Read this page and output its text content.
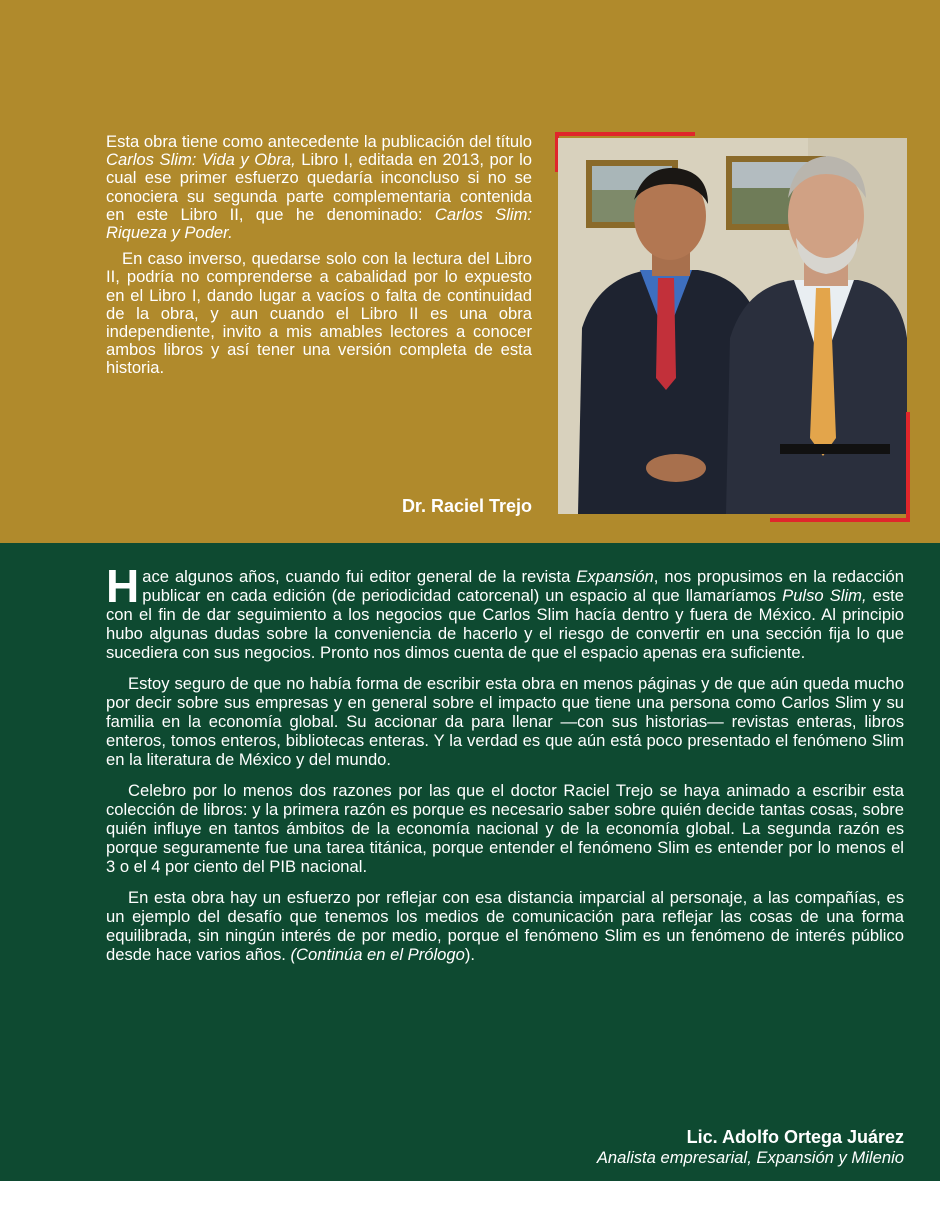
Esta obra tiene como antecedente la publicación del título Carlos Slim: Vida y Obra, Libro I, editada en 2013, por lo cual ese primer esfuerzo quedaría inconcluso si no se conociera su segunda parte complementaria contenida en este Libro II, que he denominado: Carlos Slim: Riqueza y Poder.

En caso inverso, quedarse solo con la lectura del Libro II, podría no comprenderse a cabalidad por lo expuesto en el Libro I, dando lugar a vacíos o falta de continuidad de la obra, y aun cuando el Libro II es una obra independiente, invito a mis amables lectores a conocer ambos libros y así tener una versión completa de esta historia.

Dr. Raciel Trejo

Hace algunos años, cuando fui editor general de la revista Expansión, nos propusimos en la redacción publicar en cada edición (de periodicidad catorcenal) un espacio al que llamaríamos Pulso Slim, este con el fin de dar seguimiento a los negocios que Carlos Slim hacía dentro y fuera de México. Al principio hubo algunas dudas sobre la conveniencia de hacerlo y el riesgo de convertir en una sección fija lo que sucediera con sus negocios. Pronto nos dimos cuenta de que el espacio apenas era suficiente.

Estoy seguro de que no había forma de escribir esta obra en menos páginas y de que aún queda mucho por decir sobre sus empresas y en general sobre el impacto que tiene una persona como Carlos Slim y su familia en la economía global. Su accionar da para llenar —con sus historias— revistas enteras, libros enteros, tomos enteros, bibliotecas enteras. Y la verdad es que aún está poco presentado el fenómeno Slim en la literatura de México y del mundo.

Celebro por lo menos dos razones por las que el doctor Raciel Trejo se haya animado a escribir esta colección de libros: y la primera razón es porque es necesario saber sobre quién decide tantas cosas, sobre quién influye en tantos ámbitos de la economía nacional y de la economía global. La segunda razón es porque seguramente fue una tarea titánica, porque entender el fenómeno Slim es entender por lo menos el 3 o el 4 por ciento del PIB nacional.

En esta obra hay un esfuerzo por reflejar con esa distancia imparcial al personaje, a las compañías, es un ejemplo del desafío que tenemos los medios de comunicación para reflejar las cosas de una forma equilibrada, sin ningún interés de por medio, porque el fenómeno Slim es un fenómeno de interés público desde hace varios años. (Continúa en el Prólogo).

Lic. Adolfo Ortega Juárez
Analista empresarial, Expansión y Milenio
